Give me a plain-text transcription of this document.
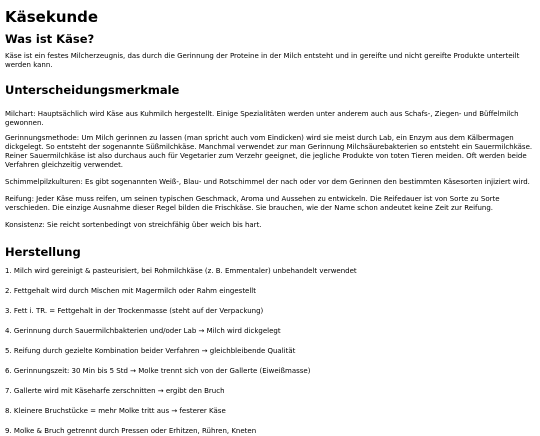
Käsekunde
Was ist Käse?

Käse ist ein festes Milcherzeugnis, das durch die Gerinnung der Proteine in der Milch entsteht und in gereifte und nicht gereifte Produkte unterteilt werden kann.

Unterscheidungsmerkmale

Milchart: Hauptsächlich wird Käse aus Kuhmilch hergestellt. Einige Spezialitäten werden unter anderem auch aus Schafs-, Ziegen- und Büffelmilch gewonnen.

Gerinnungsmethode: Um Milch gerinnen zu lassen (man spricht auch vom Eindicken) wird sie meist durch Lab, ein Enzym aus dem Kälbermagen dickgelegt. So entsteht der sogenannte Süßmilchkäse. Manchmal verwendet zur man Gerinnung Milchsäurebakterien so entsteht ein Sauermilchkäse. Reiner Sauermilchkäse ist also durchaus auch für Vegetarier zum Verzehr geeignet, die jegliche Produkte von toten Tieren meiden. Oft werden beide Verfahren gleichzeitig verwendet.

Schimmelpilzkulturen: Es gibt sogenannten Weiß-, Blau- und Rotschimmel der nach oder vor dem Gerinnen den bestimmten Käsesorten injiziert wird.

Reifung: Jeder Käse muss reifen, um seinen typischen Geschmack, Aroma und Aussehen zu entwickeln. Die Reifedauer ist von Sorte zu Sorte verschieden. Die einzige Ausnahme dieser Regel bilden die Frischkäse. Sie brauchen, wie der Name schon andeutet keine Zeit zur Reifung.

Konsistenz: Sie reicht sortenbedingt von streichfähig über weich bis hart.

Herstellung

1. Milch wird gereinigt & pasteurisiert, bei Rohmilchkäse (z. B. Emmentaler) unbehandelt verwendet

2. Fettgehalt wird durch Mischen mit Magermilch oder Rahm eingestellt

3. Fett i. TR. = Fettgehalt in der Trockenmasse (steht auf der Verpackung)

4. Gerinnung durch Sauermilchbakterien und/oder Lab → Milch wird dickgelegt

5. Reifung durch gezielte Kombination beider Verfahren → gleichbleibende Qualität

6. Gerinnungszeit: 30 Min bis 5 Std → Molke trennt sich von der Gallerte (Eiweißmasse)

7. Gallerte wird mit Käseharfe zerschnitten → ergibt den Bruch

8. Kleinere Bruchstücke = mehr Molke tritt aus → festerer Käse

9. Molke & Bruch getrennt durch Pressen oder Erhitzen, Rühren, Kneten
